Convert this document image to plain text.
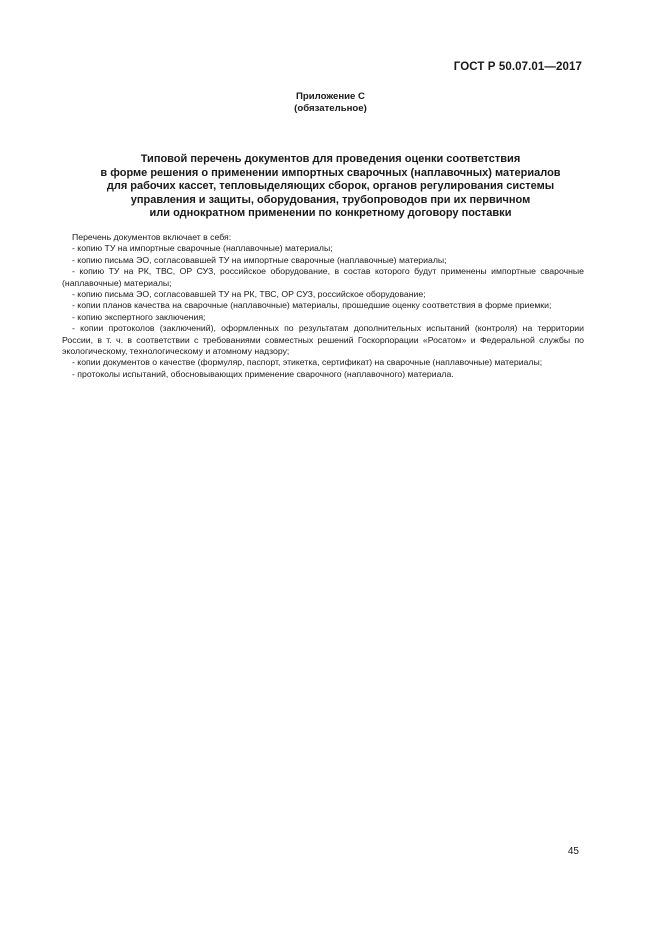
ГОСТ Р 50.07.01—2017
Приложение С
(обязательное)
Типовой перечень документов для проведения оценки соответствия
в форме решения о применении импортных сварочных (наплавочных) материалов
для рабочих кассет, тепловыделяющих сборок, органов регулирования системы
управления и защиты, оборудования, трубопроводов при их первичном
или однократном применении по конкретному договору поставки

Перечень документов включает в себя:

- копию ТУ на импортные сварочные (наплавочные) материалы;

- копию письма ЭО, согласовавшей ТУ на импортные сварочные (наплавочные) материалы;

- копию ТУ на РК, ТВС, ОР СУЗ, российское оборудование, в состав которого будут применены импортные сварочные (наплавочные) материалы;

- копию письма ЭО, согласовавшей ТУ на РК, ТВС, ОР СУЗ, российское оборудование;

- копии планов качества на сварочные (наплавочные) материалы, прошедшие оценку соответствия в форме приемки;

- копию экспертного заключения;

- копии протоколов (заключений), оформленных по результатам дополнительных испытаний (контроля) на территории России, в т. ч. в соответствии с требованиями совместных решений Госкорпорации «Росатом» и Федеральной службы по экологическому, технологическому и атомному надзору;

- копии документов о качестве (формуляр, паспорт, этикетка, сертификат) на сварочные (наплавочные) материалы;

- протоколы испытаний, обосновывающих применение сварочного (наплавочного) материала.

45
